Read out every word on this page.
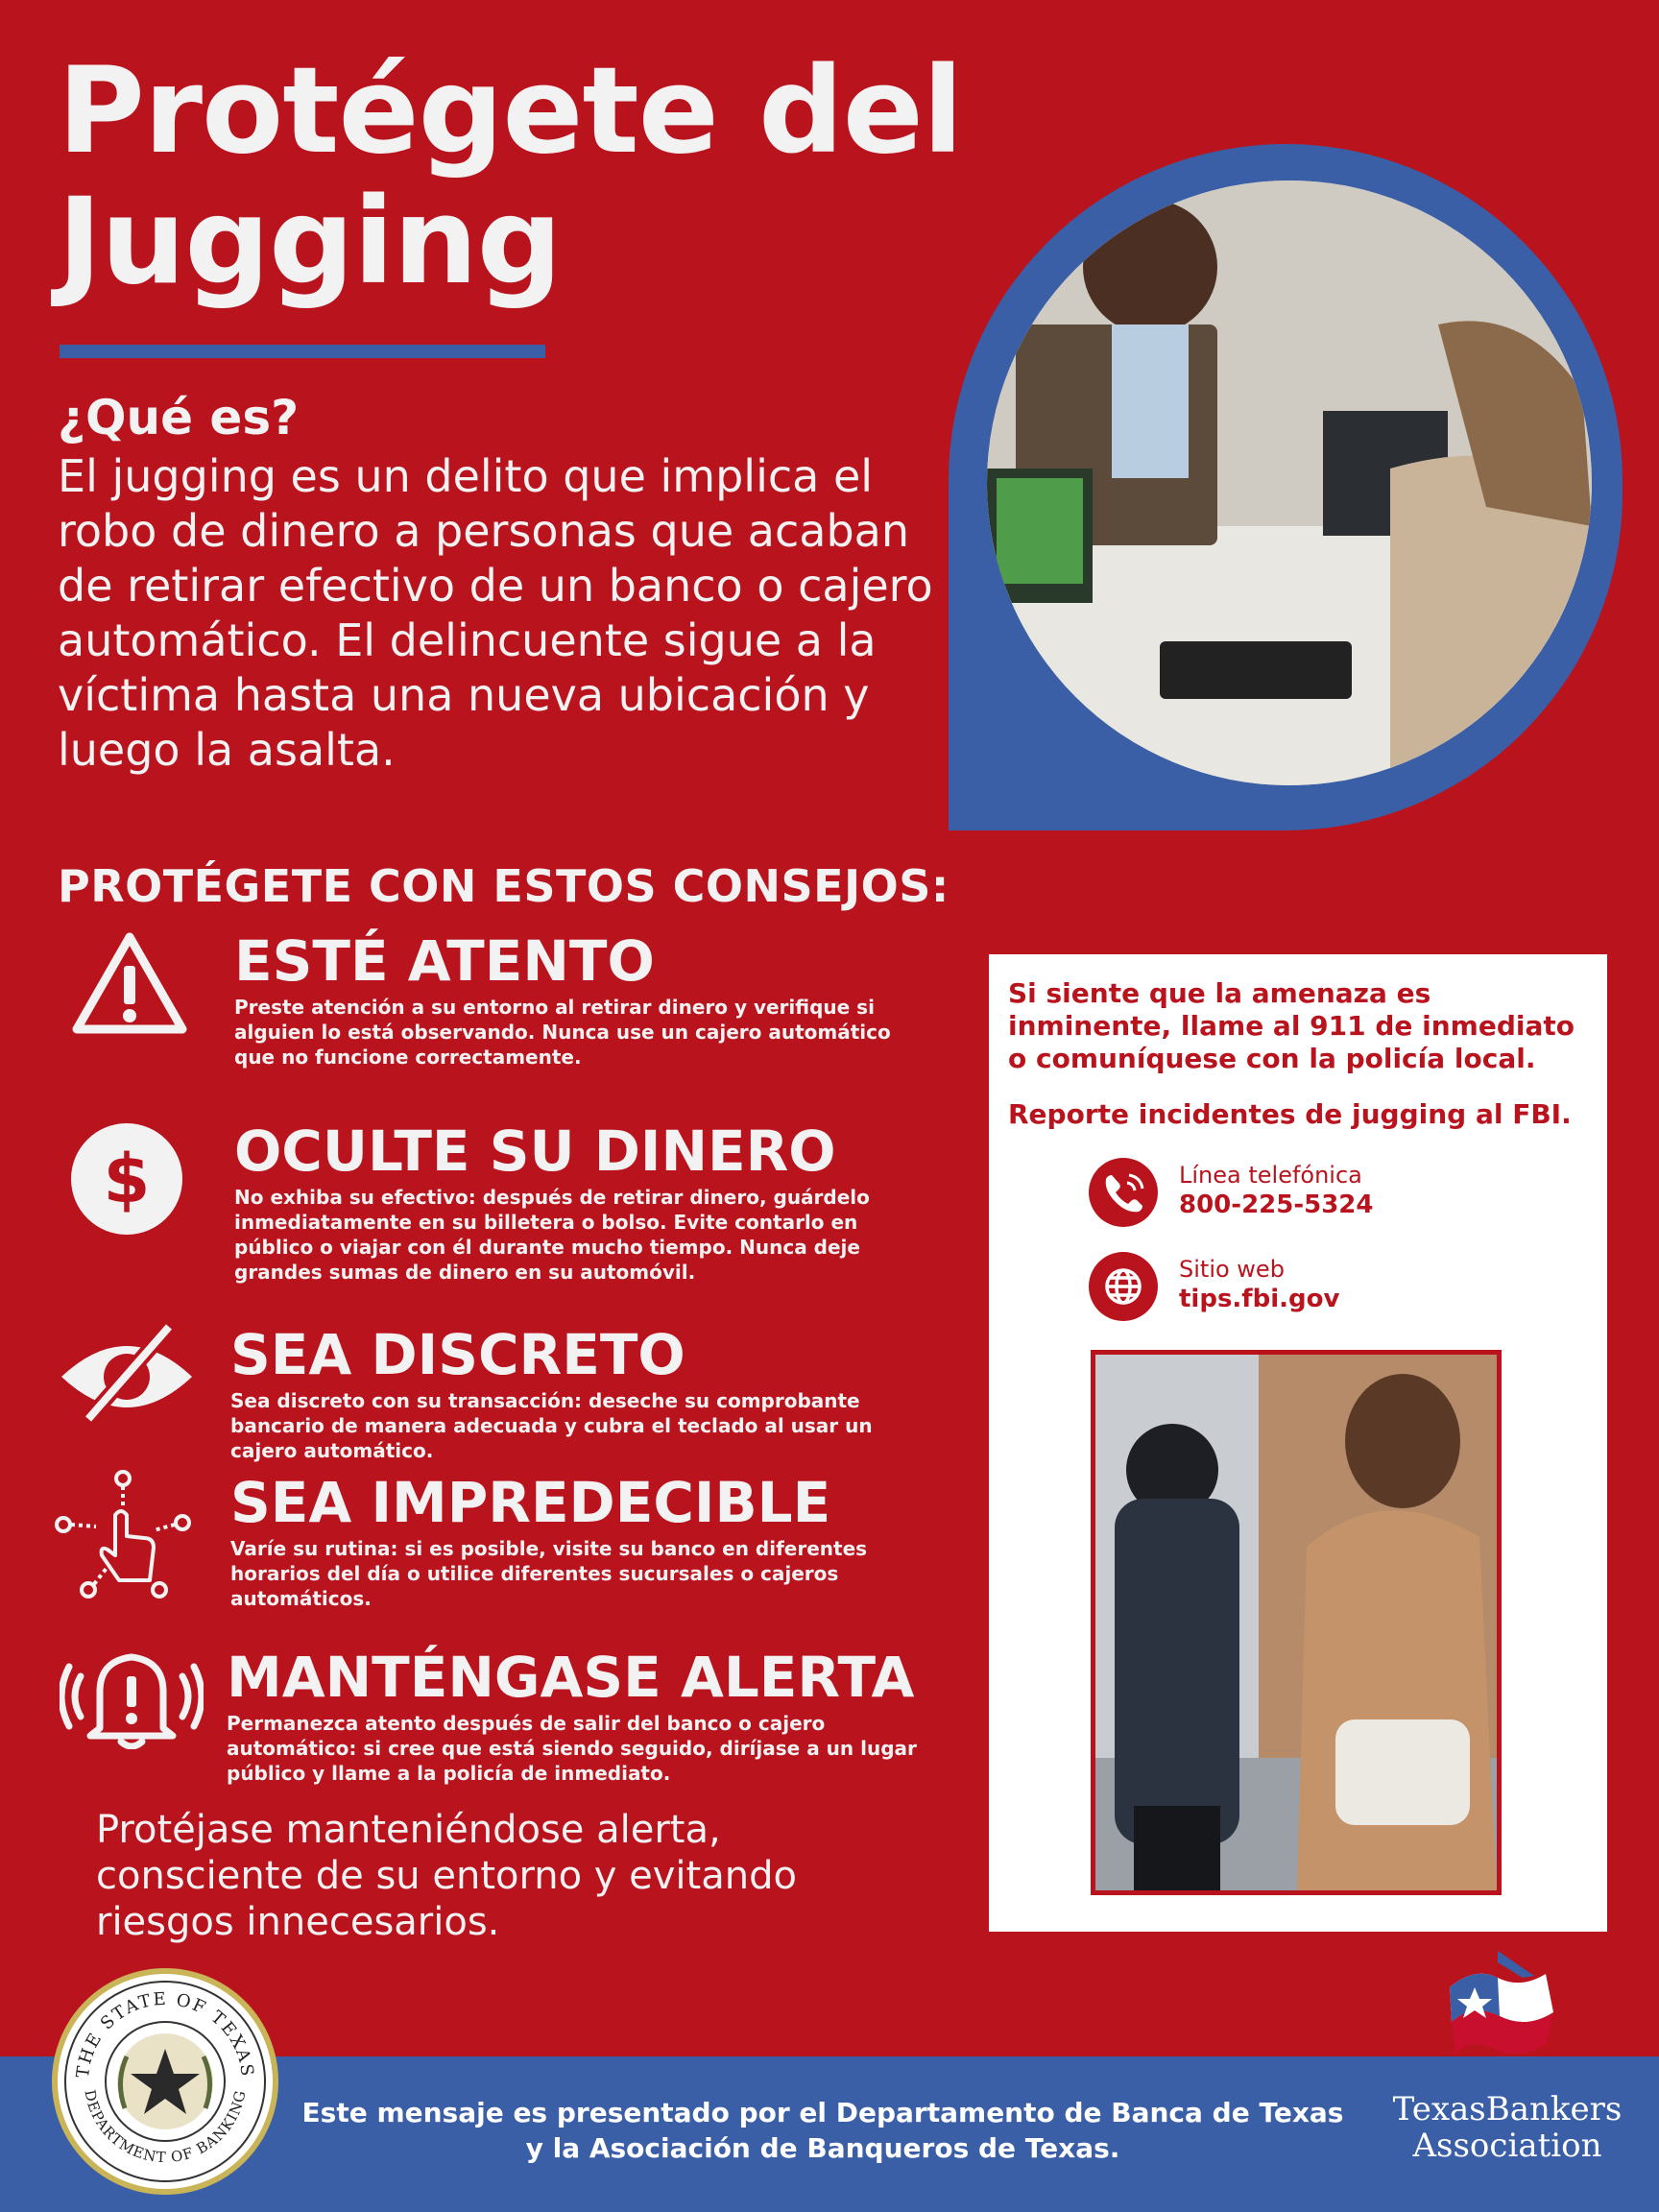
Protégete del Jugging
¿Qué es?
El jugging es un delito que implica el robo de dinero a personas que acaban de retirar efectivo de un banco o cajero automático. El delincuente sigue a la víctima hasta una nueva ubicación y luego la asalta.
PROTÉGETE CON ESTOS CONSEJOS:
ESTÉ ATENTO
Preste atención a su entorno al retirar dinero y verifique si alguien lo está observando. Nunca use un cajero automático que no funcione correctamente.
$ OCULTE SU DINERO
No exhiba su efectivo: después de retirar dinero, guárdelo inmediatamente en su billetera o bolso. Evite contarlo en público o viajar con él durante mucho tiempo. Nunca deje grandes sumas de dinero en su automóvil.
SEA DISCRETO
Sea discreto con su transacción: deseche su comprobante bancario de manera adecuada y cubra el teclado al usar un cajero automático.
SEA IMPREDECIBLE
Varíe su rutina: si es posible, visite su banco en diferentes horarios del día o utilice diferentes sucursales o cajeros automáticos.
MANTÉNGASE ALERTA
Permanezca atento después de salir del banco o cajero automático: si cree que está siendo seguido, diríjase a un lugar público y llame a la policía de inmediato.
Protéjase manteniéndose alerta, consciente de su entorno y evitando riesgos innecesarios.
Si siente que la amenaza es inminente, llame al 911 de inmediato o comuníquese con la policía local.
Reporte incidentes de jugging al FBI.
Línea telefónica
800-225-5324
Sitio web
tips.fbi.gov
Este mensaje es presentado por el Departamento de Banca de Texas y la Asociación de Banqueros de Texas.
TexasBankers
Association
THE STATE OF TEXAS
DEPARTMENT OF BANKING
